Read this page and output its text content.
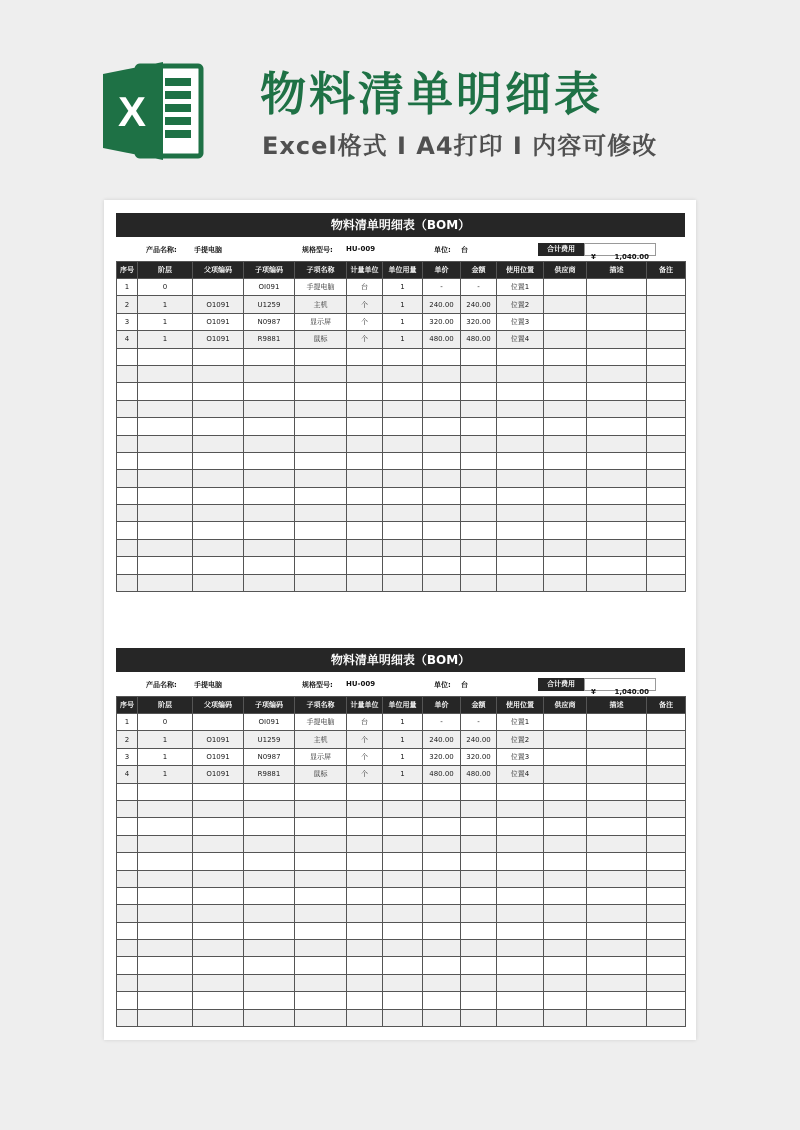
X 物料清单明细表
Excel格式 I A4打印 I 内容可修改
物料清单明细表（BOM）
产品名称: 手提电脑	规格型号: HU-009	单位: 台	合计费用
¥	1,040.00
序号	阶层	父项编码	子项编码	子项名称	计量单位	单位用量	单价	金额	使用位置	供应商	描述	备注
1	0		OI091	手提电脑	台	1	-	-	位置1			
2	1	O1091	U1259	主机	个	1	240.00	240.00	位置2			
3	1	O1091	N0987	显示屏	个	1	320.00	320.00	位置3			
4	1	O1091	R9881	鼠标	个	1	480.00	480.00	位置4			

物料清单明细表（BOM）
产品名称: 手提电脑	规格型号: HU-009	单位: 台	合计费用
¥	1,040.00
序号	阶层	父项编码	子项编码	子项名称	计量单位	单位用量	单价	金额	使用位置	供应商	描述	备注
1	0		OI091	手提电脑	台	1	-	-	位置1			
2	1	O1091	U1259	主机	个	1	240.00	240.00	位置2			
3	1	O1091	N0987	显示屏	个	1	320.00	320.00	位置3			
4	1	O1091	R9881	鼠标	个	1	480.00	480.00	位置4			
